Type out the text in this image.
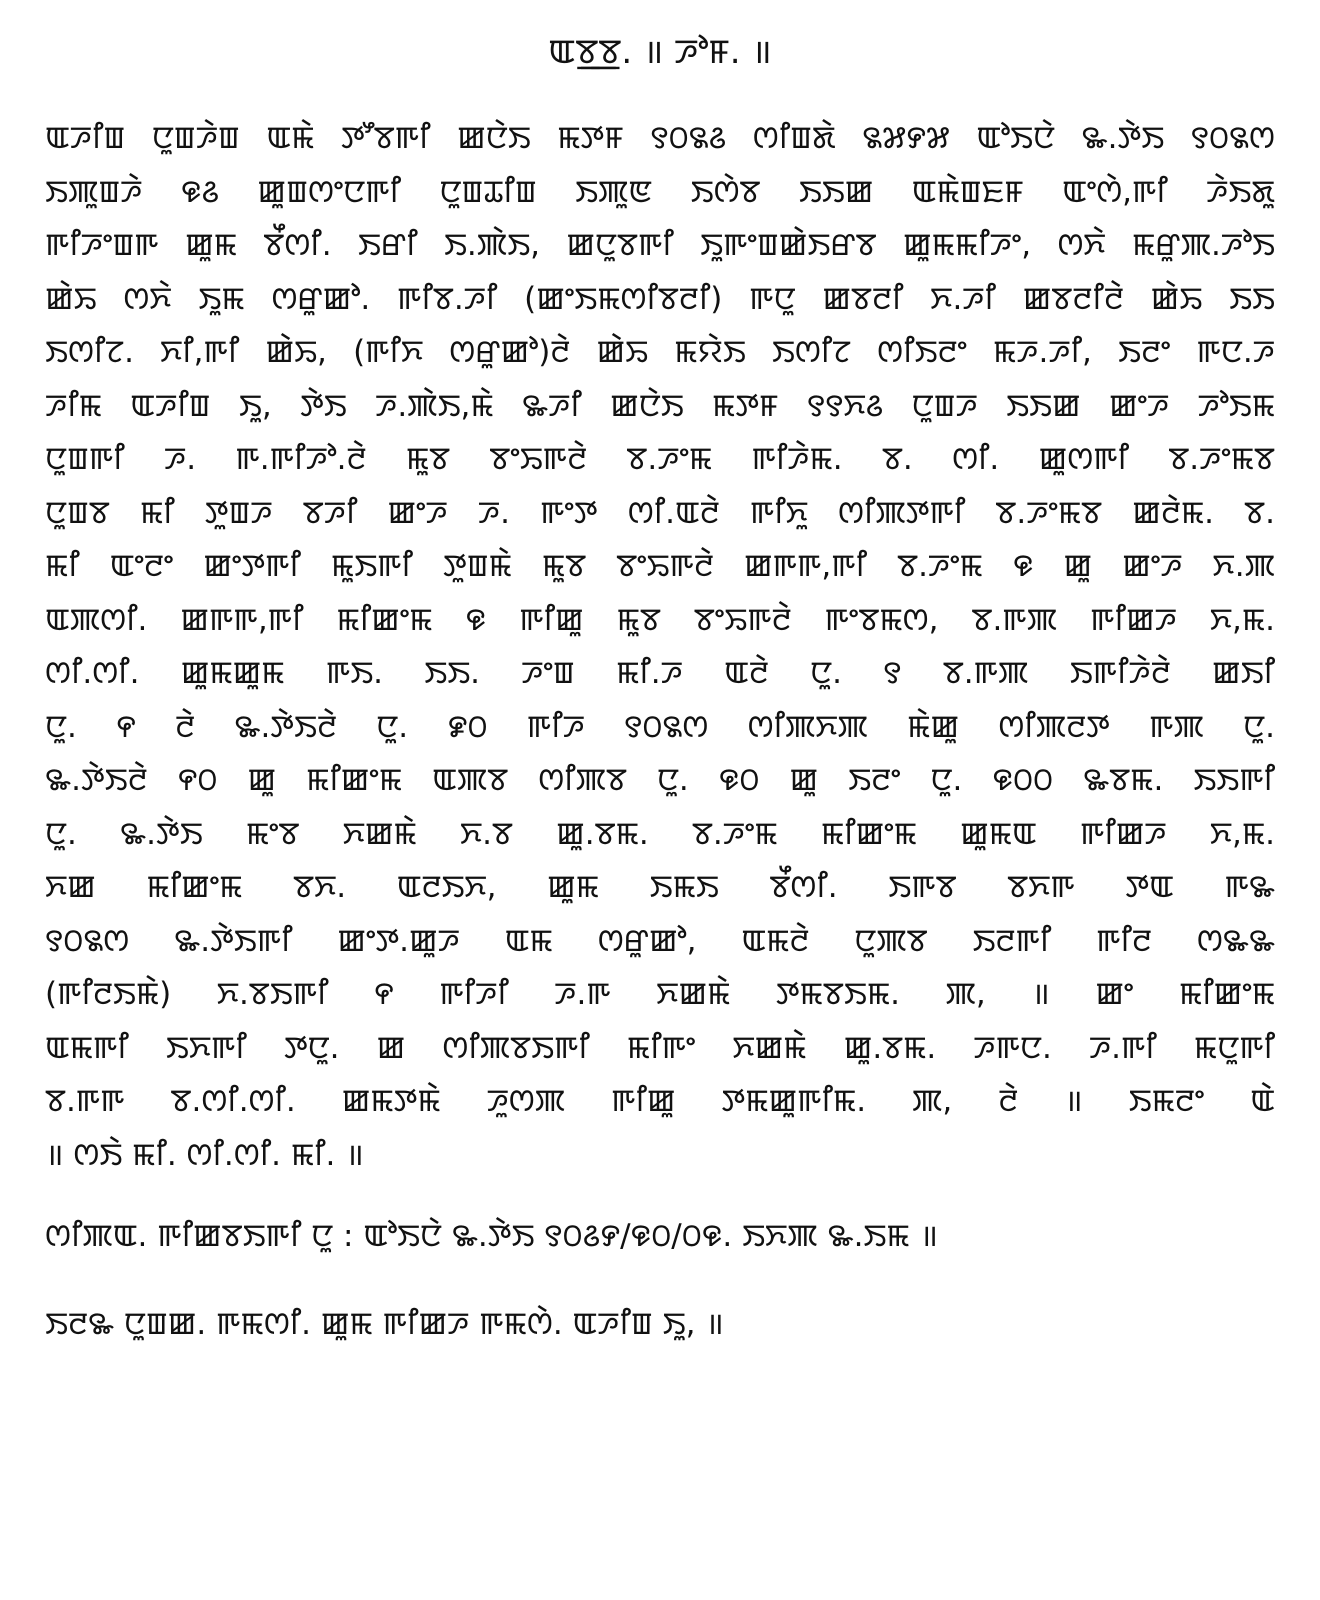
ꯑꯕ꯭ꯕ. ॥ ꯍꯣꯝ. ॥
ꯑꯍꯤꯡ ꯅꯨꯡꯍꯥꯡ ꯑꯃꯥ ꯇꯧꯕꯒꯤ ꯀꯅꯥꯏ ꯃꯇꯝ ꯱꯰꯲꯴ ꯁꯤꯡꯗꯥ ꯲꯷꯸꯷ ꯑꯣꯏꯅꯥ ꯳.ꯇꯥꯏ ꯱꯰꯲ꯁ
ꯏꯄꯨꯡꯍꯥ ꯶꯴ ꯀꯨꯡꯁꯦꯅꯒꯤ ꯅꯨꯡꯊꯤꯡ ꯏꯄꯨꯟ ꯏꯁꯥꯕ ꯏꯏꯀ ꯑꯃꯥꯡꯐꯝ ꯑꯦꯁꯥ,ꯒꯤ ꯍꯥꯏꯗꯨ
ꯒꯤꯍꯦꯡꯒ ꯀꯨꯃ ꯕꯩꯁꯤ. ꯏꯔꯤ ꯏ.ꯄꯥꯏ, ꯀꯅꯨꯕꯒꯤ ꯏꯨꯒꯦꯡꯀꯥꯏꯔꯕ ꯀꯨꯃꯃꯤꯍꯦ, ꯁꯈꯥ ꯃꯔꯨꯄ.ꯍꯣꯏ
ꯀꯥꯢ ꯁꯈꯥ ꯏꯨꯃ ꯁꯔꯨꯀꯣ. ꯒꯤꯕ.ꯍꯤ (ꯀꯦꯏꯃꯁꯤꯕꯂꯤ) ꯒꯅꯨ ꯀꯕꯂꯤ ꯈ.ꯍꯤ ꯀꯕꯂꯤꯂꯥ ꯀꯥꯢ ꯏꯏ
ꯏꯁꯤꯖ. ꯈꯤ,ꯒꯤ ꯀꯥꯢ, (ꯒꯤꯈ ꯁꯔꯨꯀꯣ)ꯂꯥ ꯀꯥꯢ ꯃꯌꯥꯏ ꯏꯁꯤꯖ ꯁꯤꯏꯂꯦ ꯃꯍ.ꯍꯤ, ꯏꯂꯦ ꯒꯅ.ꯍ
ꯍꯤꯃ ꯑꯍꯤꯡ ꯏꯨ, ꯇꯥꯏ ꯍ.ꯄꯥꯏ,ꯃꯥ ꯳ꯍꯤ ꯀꯅꯥꯏ ꯃꯇꯝ ꯱꯱ꯈ꯴ ꯅꯨꯡꯍ ꯏꯏꯀ ꯀꯦꯍ ꯍꯣꯏꯃ
ꯅꯨꯡꯒꯤ ꯍ. ꯒ.ꯒꯤꯍꯣ.ꯂꯥ ꯃꯨꯕ ꯕꯦꯢꯒꯂꯥ ꯕ.ꯍꯦꯃ ꯒꯤꯍꯥꯃ. ꯕ. ꯁꯤ. ꯀꯨꯁꯒꯤ ꯕ.ꯍꯦꯃꯕ
ꯅꯨꯡꯕ ꯃꯤ ꯇꯨꯡꯍ ꯕꯍꯤ ꯀꯦꯍ ꯍ. ꯒꯦꯇ ꯁꯤ.ꯑꯂꯥ ꯒꯤꯈꯨ ꯁꯤꯄꯇꯒꯤ ꯕ.ꯍꯦꯃꯕ ꯀꯂꯥꯃ. ꯕ.
ꯃꯤ ꯑꯦꯂꯦ ꯀꯦꯇꯒꯤ ꯃꯨꯏꯒꯤ ꯇꯨꯡꯃꯥ ꯃꯨꯕ ꯕꯦꯢꯒꯂꯥ ꯀꯒꯒ,ꯒꯤ ꯕ.ꯍꯦꯃ ꯶ ꯀꯨ ꯀꯦꯍ ꯈ.ꯄ
ꯑꯄꯁꯤ. ꯀꯒꯒ,ꯒꯤ ꯃꯤꯀꯦꯃ ꯶ ꯒꯤꯀꯨ ꯃꯨꯕ ꯕꯦꯢꯒꯂꯥ ꯒꯦꯕꯃꯁ, ꯕ.ꯒꯄ ꯒꯤꯀꯍ ꯈ,ꯃ.
ꯁꯤ.ꯁꯤ. ꯀꯨꯃꯀꯨꯃ ꯒꯏ. ꯏꯏ. ꯍꯦꯡ ꯃꯤ.ꯍ ꯑꯂꯥ ꯅꯨ. ꯱ ꯕ.ꯒꯄ ꯏꯒꯤꯍꯥꯂꯥ ꯀꯏꯤ
ꯅꯨ. ꯵ ꯂꯥ ꯳.ꯇꯥꯏꯂꯥ ꯅꯨ. ꯹꯰ ꯒꯤꯍ ꯱꯰꯲ꯁ ꯁꯤꯄꯈꯄ ꯃꯥꯀꯨ ꯁꯤꯄꯂꯇ ꯒꯄ ꯅꯨ.
꯳.ꯇꯥꯏꯂꯥ ꯵꯰ ꯀꯨ ꯃꯤꯀꯦꯃ ꯑꯄꯕ ꯁꯤꯄꯕ ꯅꯨ. ꯶꯰ ꯀꯨ ꯏꯂꯦ ꯅꯨ. ꯶꯰꯰ ꯳ꯕꯃ. ꯏꯏꯒꯤ
ꯅꯨ. ꯳.ꯇꯥꯏ ꯃꯦꯕ ꯈꯀꯃꯥ ꯈ.ꯕ ꯀꯨ.ꯕꯃ. ꯕ.ꯍꯦꯃ ꯃꯤꯀꯦꯃ ꯀꯨꯃꯑ ꯒꯤꯀꯍ ꯈ,ꯃ.
ꯈꯀ ꯃꯤꯀꯦꯃ ꯕꯈ. ꯑꯂꯏꯈ, ꯀꯨꯃ ꯏꯃꯏ ꯕꯩꯁꯤ. ꯏꯒꯕ ꯕꯈꯒ ꯇꯑ ꯒ꯳
꯱꯰꯲ꯁ ꯳.ꯇꯥꯏꯒꯤ ꯀꯦꯇ.ꯀꯨꯍ ꯑꯃ ꯁꯔꯨꯀꯣ, ꯑꯃꯂꯥ ꯅꯨꯄꯕ ꯏꯂꯒꯤ ꯒꯤꯂ ꯁ꯳꯳
(ꯒꯤꯂꯏꯃꯥ) ꯈ.ꯕꯏꯒꯤ ꯵ ꯒꯤꯍꯤ ꯍ.ꯒ ꯈꯀꯃꯥ ꯇꯃꯕꯏꯃ. ꯄ, ॥ ꯀꯦ ꯃꯤꯀꯦꯃ
ꯑꯃꯒꯤ ꯏꯈꯒꯤ ꯇꯅꯨ. ꯀ ꯁꯤꯄꯕꯏꯒꯤ ꯃꯤꯒꯦ ꯈꯀꯃꯥ ꯀꯨ.ꯕꯃ. ꯍꯒꯅ. ꯍ.ꯒꯤ ꯃꯅꯨꯒꯤ
ꯕ.ꯒꯒ ꯕ.ꯁꯤ.ꯁꯤ. ꯀꯃꯇꯃꯥ ꯍꯨꯁꯄ ꯒꯤꯀꯨ ꯇꯃꯀꯨꯒꯤꯃ. ꯄ, ꯂꯥ ॥ ꯏꯃꯂꯦ ꯑꯥ
॥ ꯁꯏꯥ ꯃꯤ. ꯁꯤ.ꯁꯤ. ꯃꯤ. ॥
ꯁꯤꯄꯑ. ꯒꯤꯀꯕꯏꯒꯤ ꯅꯨ : ꯑꯣꯏꯅꯥ ꯳.ꯇꯥꯏ ꯱꯰꯴꯸/꯶꯰/꯰꯶. ꯏꯈꯄ ꯳.ꯏꯃ ॥
ꯏꯂ꯳ ꯅꯨꯡꯀ. ꯒꯃꯁꯤ. ꯀꯨꯃ ꯒꯤꯀꯍ ꯒꯃꯁꯥ. ꯑꯍꯤꯡ ꯏꯨ, ॥
